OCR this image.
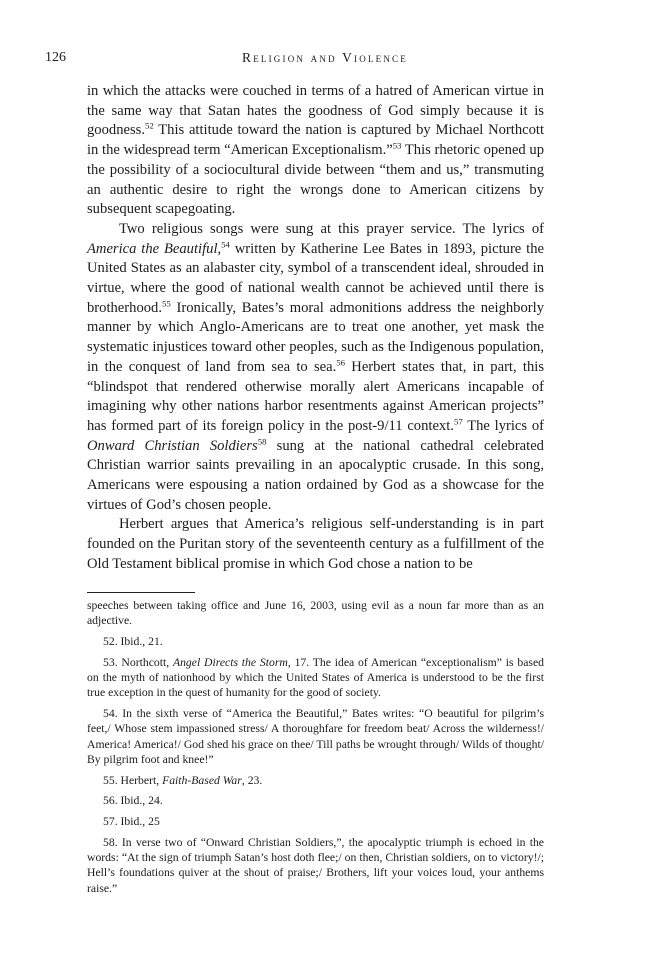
126	Religion and Violence

in which the attacks were couched in terms of a hatred of American virtue in the same way that Satan hates the goodness of God simply because it is goodness.$^{52}$ This attitude toward the nation is captured by Michael Northcott in the widespread term “American Exceptionalism.”$^{53}$ This rhetoric opened up the possibility of a sociocultural divide between “them and us,” transmuting an authentic desire to right the wrongs done to American citizens by subsequent scapegoating.

Two religious songs were sung at this prayer service. The lyrics of America the Beautiful,$^{54}$ written by Katherine Lee Bates in 1893, picture the United States as an alabaster city, symbol of a transcendent ideal, shrouded in virtue, where the good of national wealth cannot be achieved until there is brotherhood.$^{55}$ Ironically, Bates’s moral admonitions address the neighborly manner by which Anglo-Americans are to treat one another, yet mask the systematic injustices toward other peoples, such as the Indigenous population, in the conquest of land from sea to sea.$^{56}$ Herbert states that, in part, this “blindspot that rendered otherwise morally alert Americans incapable of imagining why other nations harbor resentments against American projects” has formed part of its foreign policy in the post-9/11 context.$^{57}$ The lyrics of Onward Christian Soldiers$^{58}$ sung at the national cathedral celebrated Christian warrior saints prevailing in an apocalyptic crusade. In this song, Americans were espousing a nation ordained by God as a showcase for the virtues of God’s chosen people.

Herbert argues that America’s religious self-understanding is in part founded on the Puritan story of the seventeenth century as a fulfillment of the Old Testament biblical promise in which God chose a nation to be

speeches between taking office and June 16, 2003, using evil as a noun far more than as an adjective.

52. Ibid., 21.

53. Northcott, Angel Directs the Storm, 17. The idea of American “exceptionalism” is based on the myth of nationhood by which the United States of America is understood to be the first true exception in the quest of humanity for the good of society.

54. In the sixth verse of “America the Beautiful,” Bates writes: “O beautiful for pilgrim’s feet,/ Whose stem impassioned stress/ A thoroughfare for freedom beat/ Across the wilderness!/ America! America!/ God shed his grace on thee/ Till paths be wrought through/ Wilds of thought/ By pilgrim foot and knee!”

55. Herbert, Faith-Based War, 23.

56. Ibid., 24.

57. Ibid., 25

58. In verse two of “Onward Christian Soldiers,”, the apocalyptic triumph is echoed in the words: “At the sign of triumph Satan’s host doth flee;/ on then, Christian soldiers, on to victory!/; Hell’s foundations quiver at the shout of praise;/ Brothers, lift your voices loud, your anthems raise.”
